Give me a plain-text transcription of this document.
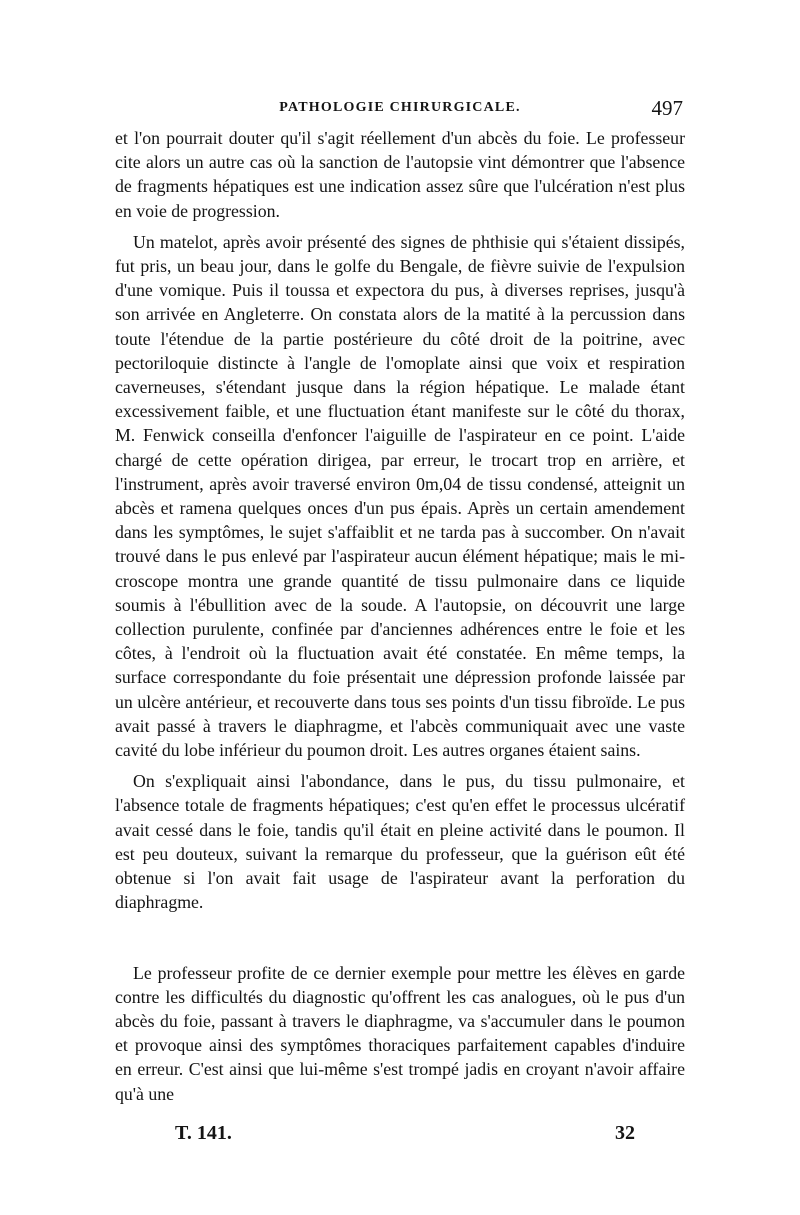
PATHOLOGIE CHIRURGICALE.	497

et l'on pourrait douter qu'il s'agit réellement d'un abcès du foie. Le professeur cite alors un autre cas où la sanction de l'autopsie vint démontrer que l'absence de fragments hépatiques est une indication assez sûre que l'ulcération n'est plus en voie de progression.

Un matelot, après avoir présenté des signes de phthisie qui s'étaient dissipés, fut pris, un beau jour, dans le golfe du Bengale, de fièvre suivie de l'expulsion d'une vomique. Puis il toussa et expectora du pus, à diverses reprises, jusqu'à son arrivée en Angleterre. On constata alors de la matité à la percussion dans toute l'étendue de la partie postérieure du côté droit de la poitrine, avec pectoriloquie distincte à l'angle de l'omoplate ainsi que voix et respiration caverneuses, s'étendant jusque dans la région hépatique. Le malade étant excessivement faible, et une fluctuation étant manifeste sur le côté du thorax, M. Fenwick conseilla d'enfoncer l'aiguille de l'aspirateur en ce point. L'aide chargé de cette opération dirigea, par erreur, le trocart trop en arrière, et l'instrument, après avoir traversé environ 0m,04 de tissu condensé, atteignit un abcès et ramena quelques onces d'un pus épais. Après un certain amendement dans les symptômes, le sujet s'affaiblit et ne tarda pas à succomber. On n'avait trouvé dans le pus enlevé par l'aspirateur aucun élément hépatique; mais le microscope montra une grande quantité de tissu pulmonaire dans ce liquide soumis à l'ébullition avec de la soude. A l'autopsie, on découvrit une large collection purulente, confinée par d'anciennes adhérences entre le foie et les côtes, à l'endroit où la fluctuation avait été constatée. En même temps, la surface correspondante du foie présentait une dépression profonde laissée par un ulcère antérieur, et recouverte dans tous ses points d'un tissu fibroïde. Le pus avait passé à travers le diaphragme, et l'abcès communiquait avec une vaste cavité du lobe inférieur du poumon droit. Les autres organes étaient sains.

On s'expliquait ainsi l'abondance, dans le pus, du tissu pulmonaire, et l'absence totale de fragments hépatiques; c'est qu'en effet le processus ulcératif avait cessé dans le foie, tandis qu'il était en pleine activité dans le poumon. Il est peu douteux, suivant la remarque du professeur, que la guérison eût été obtenue si l'on avait fait usage de l'aspirateur avant la perforation du diaphragme.

Le professeur profite de ce dernier exemple pour mettre les élèves en garde contre les difficultés du diagnostic qu'offrent les cas analogues, où le pus d'un abcès du foie, passant à travers le diaphragme, va s'accumuler dans le poumon et provoque ainsi des symptômes thoraciques parfaitement capables d'induire en erreur. C'est ainsi que lui-même s'est trompé jadis en croyant n'avoir affaire qu'à une

T. 141.	32
